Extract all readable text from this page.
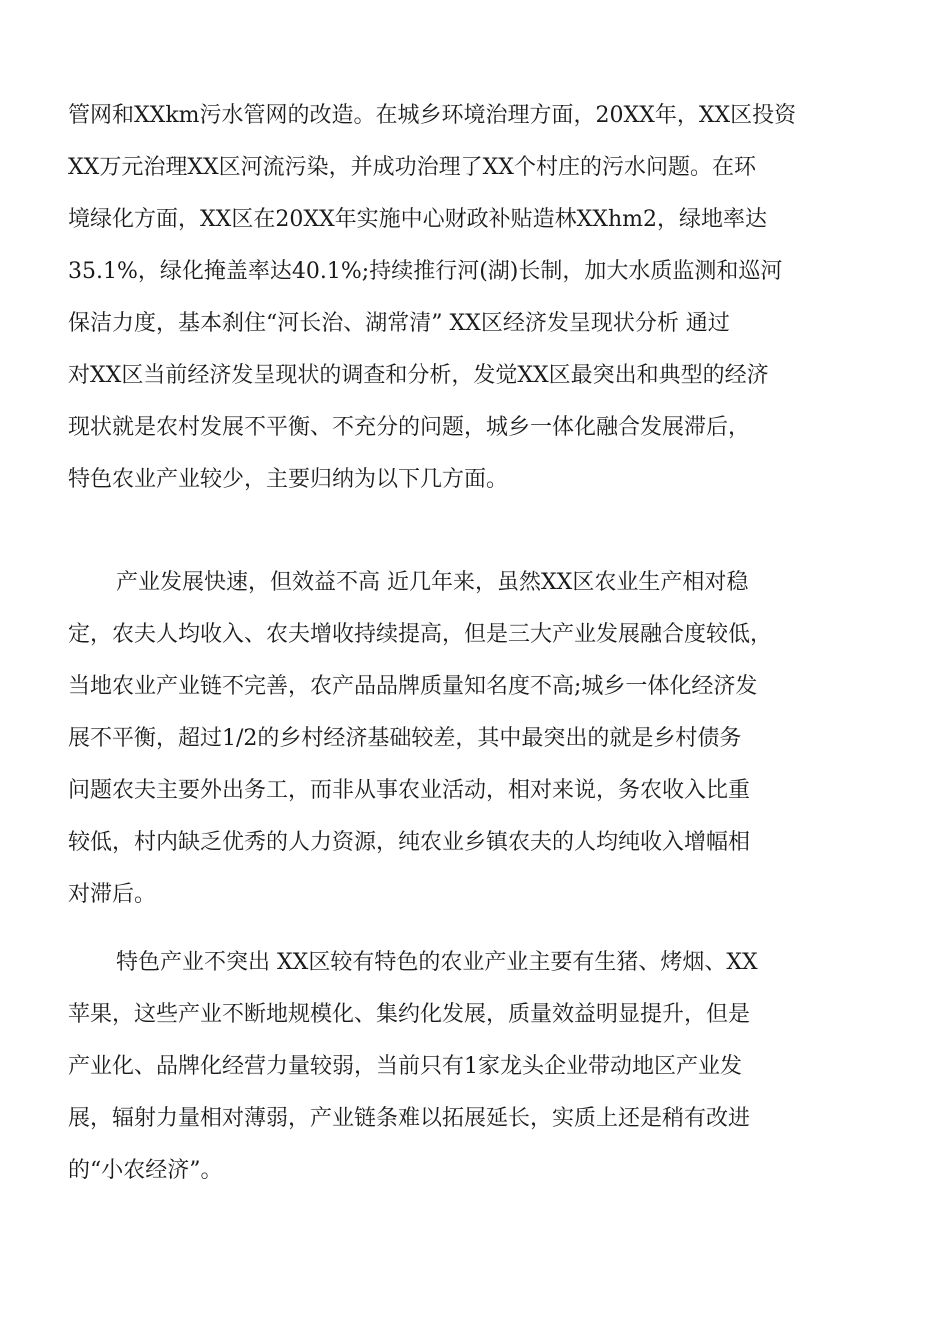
管网和XXkm污水管网的改造。在城乡环境治理方面，20XX年，XX区投资
XX万元治理XX区河流污染，并成功治理了XX个村庄的污水问题。在环
境绿化方面，XX区在20XX年实施中心财政补贴造林XXhm2，绿地率达
35.1%，绿化掩盖率达40.1%;持续推行河(湖)长制，加大水质监测和巡河
保洁力度，基本刹住“河长治、湖常清” XX区经济发呈现状分析 通过
对XX区当前经济发呈现状的调查和分析，发觉XX区最突出和典型的经济
现状就是农村发展不平衡、不充分的问题，城乡一体化融合发展滞后，
特色农业产业较少，主要归纳为以下几方面。
产业发展快速，但效益不高 近几年来，虽然XX区农业生产相对稳
定，农夫人均收入、农夫增收持续提高，但是三大产业发展融合度较低，
当地农业产业链不完善，农产品品牌质量知名度不高;城乡一体化经济发
展不平衡，超过1/2的乡村经济基础较差，其中最突出的就是乡村债务
问题农夫主要外出务工，而非从事农业活动，相对来说，务农收入比重
较低，村内缺乏优秀的人力资源，纯农业乡镇农夫的人均纯收入增幅相
对滞后。
特色产业不突出 XX区较有特色的农业产业主要有生猪、烤烟、XX
苹果，这些产业不断地规模化、集约化发展，质量效益明显提升，但是
产业化、品牌化经营力量较弱，当前只有1家龙头企业带动地区产业发
展，辐射力量相对薄弱，产业链条难以拓展延长，实质上还是稍有改进
的“小农经济”。
